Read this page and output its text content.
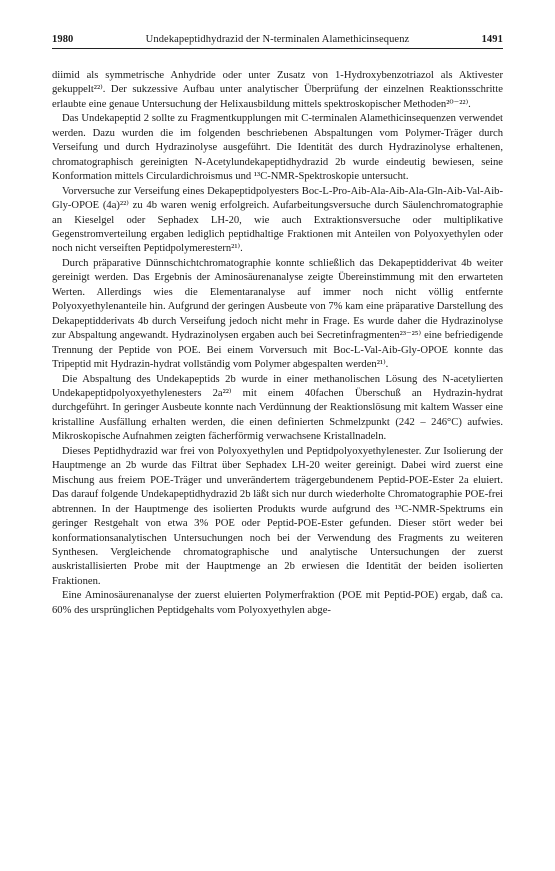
1980	Undekapeptidhydrazid der N-terminalen Alamethicinsequenz	1491

diimid als symmetrische Anhydride oder unter Zusatz von 1-Hydroxybenzotriazol als Aktivester gekuppelt²²⁾. Der sukzessive Aufbau unter analytischer Überprüfung der einzelnen Reaktionsschritte erlaubte eine genaue Untersuchung der Helixausbildung mittels spektroskopischer Methoden²⁰⁻²²⁾.

Das Undekapeptid 2 sollte zu Fragmentkupplungen mit C-terminalen Alamethicinsequenzen verwendet werden. Dazu wurden die im folgenden beschriebenen Abspaltungen vom Polymer-Träger durch Verseifung und durch Hydrazinolyse ausgeführt. Die Identität des durch Hydrazinolyse erhaltenen, chromatographisch gereinigten N-Acetylundekapeptidhydrazid 2b wurde eindeutig bewiesen, seine Konformation mittels Circulardichroismus und ¹³C-NMR-Spektroskopie untersucht.

Vorversuche zur Verseifung eines Dekapeptidpolyesters Boc-L-Pro-Aib-Ala-Aib-Ala-Gln-Aib-Val-Aib-Gly-OPOE (4a)²²⁾ zu 4b waren wenig erfolgreich. Aufarbeitungsversuche durch Säulenchromatographie an Kieselgel oder Sephadex LH-20, wie auch Extraktionsversuche oder multiplikative Gegenstromverteilung ergaben lediglich peptidhaltige Fraktionen mit Anteilen von Polyoxyethylen oder noch nicht verseiften Peptidpolymerestern²¹⁾.

Durch präparative Dünnschichtchromatographie konnte schließlich das Dekapeptidderivat 4b weiter gereinigt werden. Das Ergebnis der Aminosäurenanalyse zeigte Übereinstimmung mit den erwarteten Werten. Allerdings wies die Elementaranalyse auf immer noch nicht völlig entfernte Polyoxyethylenanteile hin. Aufgrund der geringen Ausbeute von 7% kam eine präparative Darstellung des Dekapeptidderivats 4b durch Verseifung jedoch nicht mehr in Frage. Es wurde daher die Hydrazinolyse zur Abspaltung angewandt. Hydrazinolysen ergaben auch bei Secretinfragmenten²³⁻²⁵⁾ eine befriedigende Trennung der Peptide von POE. Bei einem Vorversuch mit Boc-L-Val-Aib-Gly-OPOE konnte das Tripeptid mit Hydrazin-hydrat vollständig vom Polymer abgespalten werden²¹⁾.

Die Abspaltung des Undekapeptids 2b wurde in einer methanolischen Lösung des N-acetylierten Undekapeptidpolyoxyethylenesters 2a²²⁾ mit einem 40fachen Überschuß an Hydrazin-hydrat durchgeführt. In geringer Ausbeute konnte nach Verdünnung der Reaktionslösung mit kaltem Wasser eine kristalline Ausfällung erhalten werden, die einen definierten Schmelzpunkt (242 – 246°C) aufwies. Mikroskopische Aufnahmen zeigten fächerförmig verwachsene Kristallnadeln.

Dieses Peptidhydrazid war frei von Polyoxyethylen und Peptidpolyoxyethylenester. Zur Isolierung der Hauptmenge an 2b wurde das Filtrat über Sephadex LH-20 weiter gereinigt. Dabei wird zuerst eine Mischung aus freiem POE-Träger und unverändertem trägergebundenem Peptid-POE-Ester 2a eluiert. Das darauf folgende Undekapeptidhydrazid 2b läßt sich nur durch wiederholte Chromatographie POE-frei abtrennen. In der Hauptmenge des isolierten Produkts wurde aufgrund des ¹³C-NMR-Spektrums ein geringer Restgehalt von etwa 3% POE oder Peptid-POE-Ester gefunden. Dieser stört weder bei konformationsanalytischen Untersuchungen noch bei der Verwendung des Fragments zu weiteren Synthesen. Vergleichende chromatographische und analytische Untersuchungen der zuerst auskristallisierten Probe mit der Hauptmenge an 2b erwiesen die Identität der beiden isolierten Fraktionen.

Eine Aminosäurenanalyse der zuerst eluierten Polymerfraktion (POE mit Peptid-POE) ergab, daß ca. 60% des ursprünglichen Peptidgehalts vom Polyoxyethylen abge-
